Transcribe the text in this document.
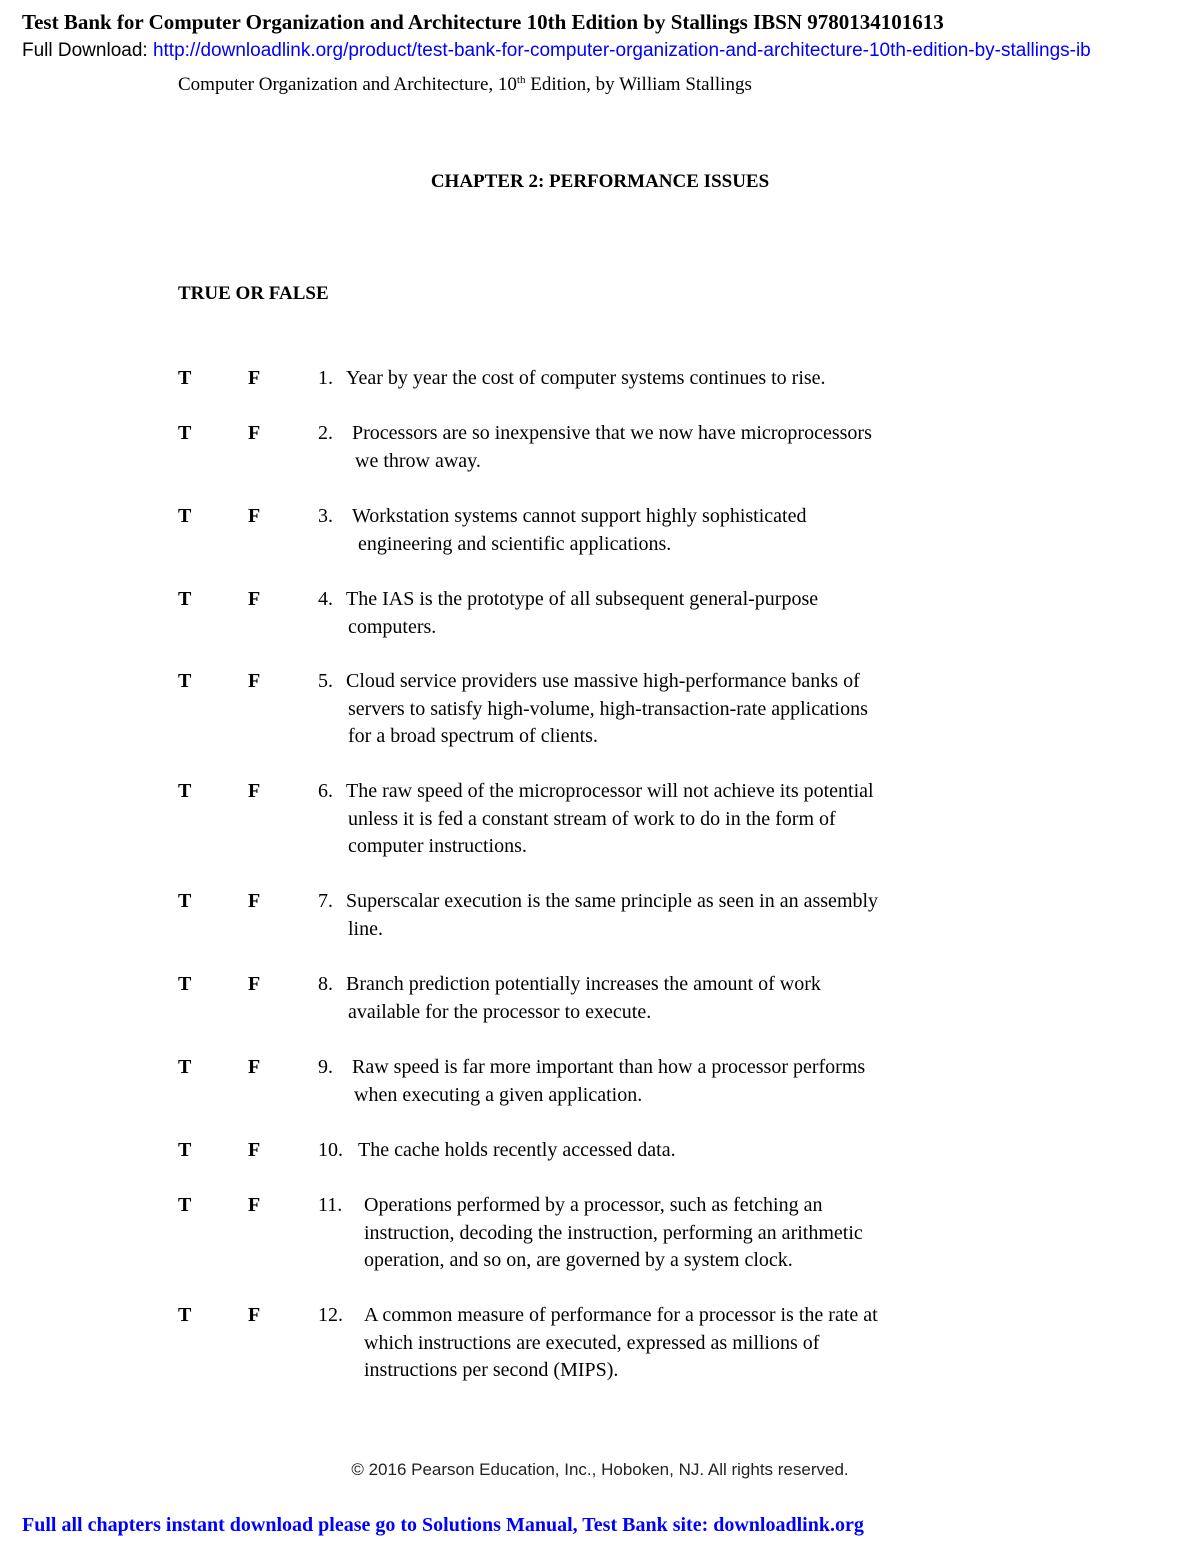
Test Bank for Computer Organization and Architecture 10th Edition by Stallings IBSN 9780134101613
Full Download: http://downloadlink.org/product/test-bank-for-computer-organization-and-architecture-10th-edition-by-stallings-ib
Computer Organization and Architecture, 10th Edition, by William Stallings
CHAPTER 2: PERFORMANCE ISSUES
TRUE OR FALSE
T	F	1. Year by year the cost of computer systems continues to rise.
T	F	2. Processors are so inexpensive that we now have microprocessors
we throw away.
T	F	3. Workstation systems cannot support highly sophisticated
engineering and scientific applications.
T	F	4. The IAS is the prototype of all subsequent general-purpose
computers.
T	F	5. Cloud service providers use massive high-performance banks of
servers to satisfy high-volume, high-transaction-rate applications
for a broad spectrum of clients.
T	F	6. The raw speed of the microprocessor will not achieve its potential
unless it is fed a constant stream of work to do in the form of
computer instructions.
T	F	7. Superscalar execution is the same principle as seen in an assembly
line.
T	F	8. Branch prediction potentially increases the amount of work
available for the processor to execute.
T	F	9. Raw speed is far more important than how a processor performs
when executing a given application.
T	F	10. The cache holds recently accessed data.
T	F	11. Operations performed by a processor, such as fetching an
instruction, decoding the instruction, performing an arithmetic
operation, and so on, are governed by a system clock.
T	F	12. A common measure of performance for a processor is the rate at
which instructions are executed, expressed as millions of
instructions per second (MIPS).
© 2016 Pearson Education, Inc., Hoboken, NJ. All rights reserved.
Full all chapters instant download please go to Solutions Manual, Test Bank site: downloadlink.org
